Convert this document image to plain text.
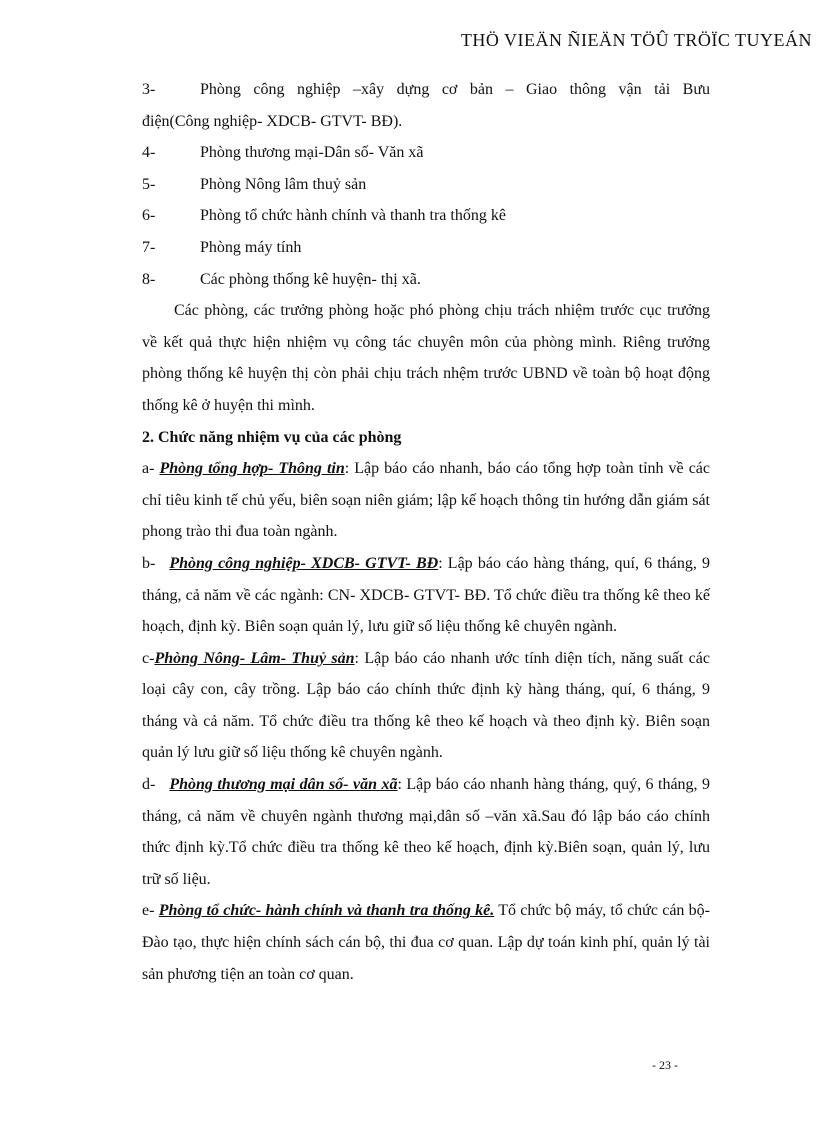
THÖ VIEÄN ÑIEÄN TÖÛ TRÖÏC TUYEÁN
3-	Phòng công nghiệp –xây dựng cơ bản – Giao thông vận tải Bưu
điện(Công nghiệp- XDCB- GTVT- BĐ).
4-	Phòng thương mại-Dân số- Văn xã
5-	Phòng Nông lâm thuỷ sản
6-	Phòng tổ chức hành chính và thanh tra thống kê
7-	Phòng máy tính
8-	Các phòng thống kê huyện- thị xã.

Các phòng, các trưởng phòng hoặc phó phòng chịu trách nhiệm trước cục trưởng về kết quả thực hiện nhiệm vụ công tác chuyên môn của phòng mình. Riêng trưởng phòng thống kê huyện thị còn phải chịu trách nhệm trước UBND về toàn bộ hoạt động thống kê ở huyện thi mình.

2. Chức năng nhiệm vụ của các phòng

a- Phòng tổng hợp- Thông tin: Lập báo cáo nhanh, báo cáo tổng hợp toàn tỉnh về các chỉ tiêu kinh tế chủ yếu, biên soạn niên giám; lập kế hoạch thông tin hướng dẫn giám sát phong trào thi đua toàn ngành.

b- Phòng công nghiệp- XDCB- GTVT- BĐ: Lập báo cáo hàng tháng, quí, 6 tháng, 9 tháng, cả năm về các ngành: CN- XDCB- GTVT- BĐ. Tổ chức điều tra thống kê theo kế hoạch, định kỳ. Biên soạn quản lý, lưu giữ số liệu thống kê chuyên ngành.

c-Phòng Nông- Lâm- Thuỷ sản: Lập báo cáo nhanh ước tính diện tích, năng suất các loại cây con, cây trồng. Lập báo cáo chính thức định kỳ hàng tháng, quí, 6 tháng, 9 tháng và cả năm. Tổ chức điều tra thống kê theo kế hoạch và theo định kỳ. Biên soạn quản lý lưu giữ số liệu thống kê chuyên ngành.

d- Phòng thương mại dân số- văn xã: Lập báo cáo nhanh hàng tháng, quý, 6 tháng, 9 tháng, cả năm về chuyên ngành thương mại,dân số –văn xã.Sau đó lập báo cáo chính thức định kỳ.Tổ chức điều tra thống kê theo kế hoạch, định kỳ.Biên soạn, quản lý, lưu trữ số liệu.

e- Phòng tổ chức- hành chính và thanh tra thống kê. Tổ chức bộ máy, tổ chức cán bộ- Đào tạo, thực hiện chính sách cán bộ, thi đua cơ quan. Lập dự toán kinh phí, quản lý tài sản phương tiện an toàn cơ quan.

- 23 -
